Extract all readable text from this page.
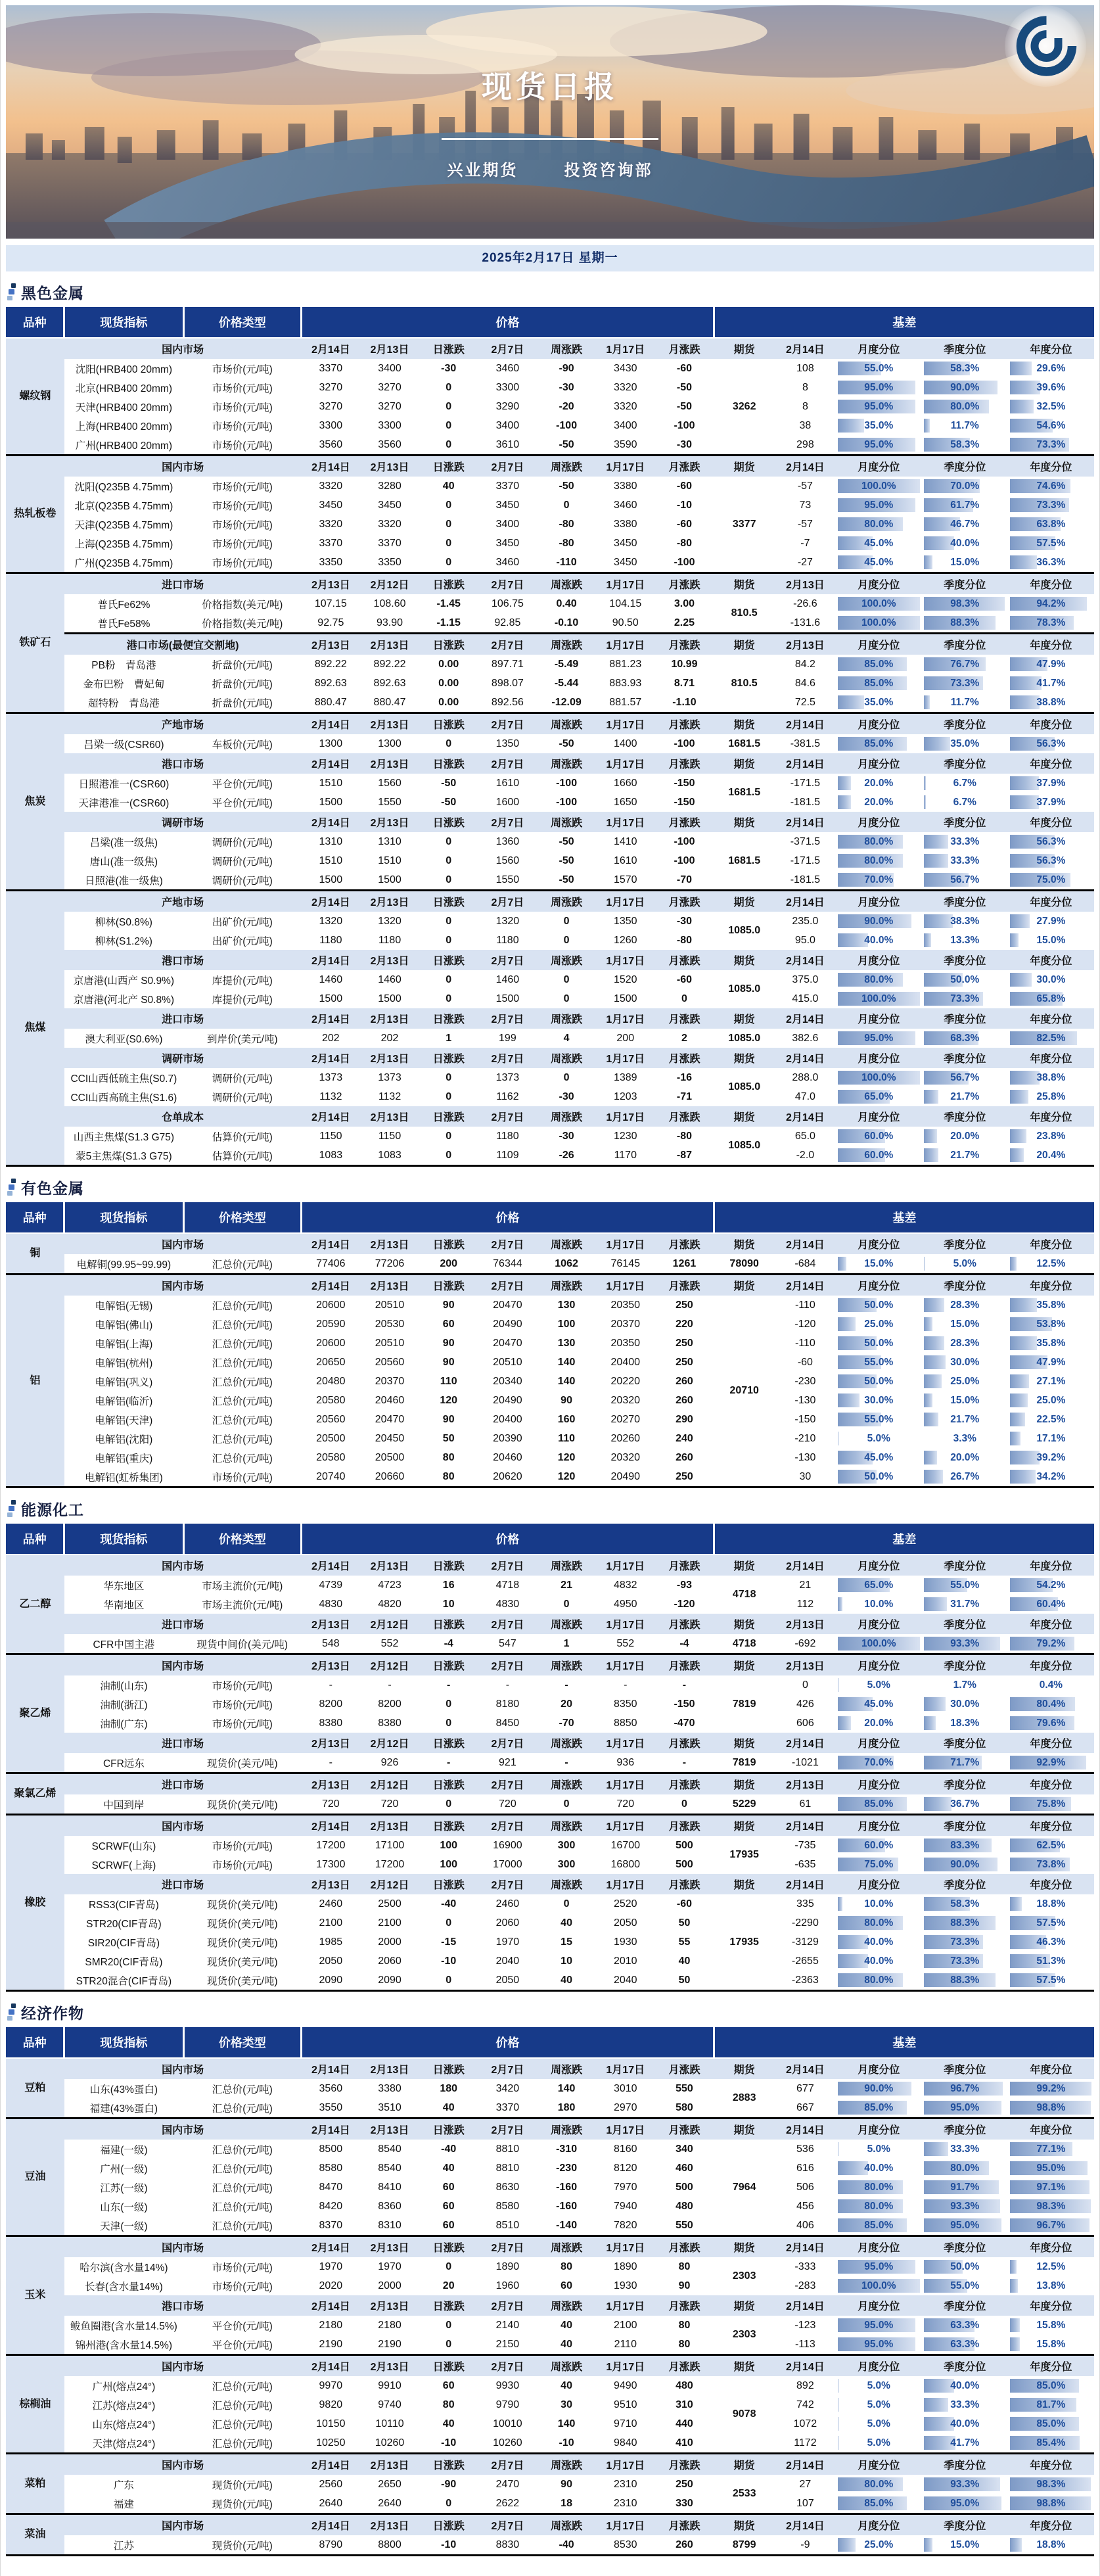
现货日报
兴业期货	投资咨询部
2025年2月17日 星期一
黑色金属
品种	现货指标	价格类型	价格							基差				
螺纹钢	国内市场		2月14日	2月13日	日涨跌	2月7日	周涨跌	1月17日	月涨跌	期货	2月14日	月度分位	季度分位	年度分位
	沈阳(HRB400 20mm)	市场价(元/吨)	3370	3400	-30	3460	-90	3430	-60	3262	108	55.0%	58.3%	29.6%
	北京(HRB400 20mm)	市场价(元/吨)	3270	3270	0	3300	-30	3320	-50		8	95.0%	90.0%	39.6%
	天津(HRB400 20mm)	市场价(元/吨)	3270	3270	0	3290	-20	3320	-50		8	95.0%	80.0%	32.5%
	上海(HRB400 20mm)	市场价(元/吨)	3300	3300	0	3400	-100	3400	-100		38	35.0%	11.7%	54.6%
	广州(HRB400 20mm)	市场价(元/吨)	3560	3560	0	3610	-50	3590	-30		298	95.0%	58.3%	73.3%
热轧板卷	国内市场		2月14日	2月13日	日涨跌	2月7日	周涨跌	1月17日	月涨跌	期货	2月14日	月度分位	季度分位	年度分位
	沈阳(Q235B 4.75mm)	市场价(元/吨)	3320	3280	40	3370	-50	3380	-60	3377	-57	100.0%	70.0%	74.6%
	北京(Q235B 4.75mm)	市场价(元/吨)	3450	3450	0	3450	0	3460	-10		73	95.0%	61.7%	73.3%
	天津(Q235B 4.75mm)	市场价(元/吨)	3320	3320	0	3400	-80	3380	-60		-57	80.0%	46.7%	63.8%
	上海(Q235B 4.75mm)	市场价(元/吨)	3370	3370	0	3450	-80	3450	-80		-7	45.0%	40.0%	57.5%
	广州(Q235B 4.75mm)	市场价(元/吨)	3350	3350	0	3460	-110	3450	-100		-27	45.0%	15.0%	36.3%
铁矿石	进口市场		2月13日	2月12日	日涨跌	2月7日	周涨跌	1月17日	月涨跌	期货	2月13日	月度分位	季度分位	年度分位
	普氏Fe62%	价格指数(美元/吨)	107.15	108.60	-1.45	106.75	0.40	104.15	3.00	810.5	-26.6	100.0%	98.3%	94.2%
	普氏Fe58%	价格指数(美元/吨)	92.75	93.90	-1.15	92.85	-0.10	90.50	2.25		-131.6	100.0%	88.3%	78.3%
	港口市场(最便宜交割地)		2月13日	2月13日	日涨跌	2月7日	周涨跌	1月17日	月涨跌	期货	2月13日	月度分位	季度分位	年度分位
	PB粉　青岛港	折盘价(元/吨)	892.22	892.22	0.00	897.71	-5.49	881.23	10.99	810.5	84.2	85.0%	76.7%	47.9%
	金布巴粉　曹妃甸	折盘价(元/吨)	892.63	892.63	0.00	898.07	-5.44	883.93	8.71		84.6	85.0%	73.3%	41.7%
	超特粉　青岛港	折盘价(元/吨)	880.47	880.47	0.00	892.56	-12.09	881.57	-1.10		72.5	35.0%	11.7%	38.8%
焦炭	产地市场		2月14日	2月13日	日涨跌	2月7日	周涨跌	1月17日	月涨跌	期货	2月14日	月度分位	季度分位	年度分位
	吕梁一级(CSR60)	车板价(元/吨)	1300	1300	0	1350	-50	1400	-100	1681.5	-381.5	85.0%	35.0%	56.3%
	港口市场		2月14日	2月13日	日涨跌	2月7日	周涨跌	1月17日	月涨跌	期货	2月14日	月度分位	季度分位	年度分位
	日照港准一(CSR60)	平仓价(元/吨)	1510	1560	-50	1610	-100	1660	-150	1681.5	-171.5	20.0%	6.7%	37.9%
	天津港准一(CSR60)	平仓价(元/吨)	1500	1550	-50	1600	-100	1650	-150		-181.5	20.0%	6.7%	37.9%
	调研市场		2月14日	2月13日	日涨跌	2月7日	周涨跌	1月17日	月涨跌	期货	2月14日	月度分位	季度分位	年度分位
	吕梁(准一级焦)	调研价(元/吨)	1310	1310	0	1360	-50	1410	-100	1681.5	-371.5	80.0%	33.3%	56.3%
	唐山(准一级焦)	调研价(元/吨)	1510	1510	0	1560	-50	1610	-100		-171.5	80.0%	33.3%	56.3%
	日照港(准一级焦)	调研价(元/吨)	1500	1500	0	1550	-50	1570	-70		-181.5	70.0%	56.7%	75.0%
焦煤	产地市场		2月14日	2月13日	日涨跌	2月7日	周涨跌	1月17日	月涨跌	期货	2月14日	月度分位	季度分位	年度分位
	柳林(S0.8%)	出矿价(元/吨)	1320	1320	0	1320	0	1350	-30	1085.0	235.0	90.0%	38.3%	27.9%
	柳林(S1.2%)	出矿价(元/吨)	1180	1180	0	1180	0	1260	-80		95.0	40.0%	13.3%	15.0%
	港口市场		2月14日	2月13日	日涨跌	2月7日	周涨跌	1月17日	月涨跌	期货	2月14日	月度分位	季度分位	年度分位
	京唐港(山西产 S0.9%)	库提价(元/吨)	1460	1460	0	1460	0	1520	-60	1085.0	375.0	80.0%	50.0%	30.0%
	京唐港(河北产 S0.8%)	库提价(元/吨)	1500	1500	0	1500	0	1500	0		415.0	100.0%	73.3%	65.8%
	进口市场		2月14日	2月13日	日涨跌	2月7日	周涨跌	1月17日	月涨跌	期货	2月14日	月度分位	季度分位	年度分位
	澳大利亚(S0.6%)	到岸价(美元/吨)	202	202	1	199	4	200	2	1085.0	382.6	95.0%	68.3%	82.5%
	调研市场		2月14日	2月13日	日涨跌	2月7日	周涨跌	1月17日	月涨跌	期货	2月14日	月度分位	季度分位	年度分位
	CCI山西低硫主焦(S0.7)	调研价(元/吨)	1373	1373	0	1373	0	1389	-16	1085.0	288.0	100.0%	56.7%	38.8%
	CCI山西高硫主焦(S1.6)	调研价(元/吨)	1132	1132	0	1162	-30	1203	-71		47.0	65.0%	21.7%	25.8%
	仓单成本		2月14日	2月13日	日涨跌	2月7日	周涨跌	1月17日	月涨跌	期货	2月14日	月度分位	季度分位	年度分位
	山西主焦煤(S1.3 G75)	估算价(元/吨)	1150	1150	0	1180	-30	1230	-80	1085.0	65.0	60.0%	20.0%	23.8%
	蒙5主焦煤(S1.3 G75)	估算价(元/吨)	1083	1083	0	1109	-26	1170	-87		-2.0	60.0%	21.7%	20.4%
有色金属
品种	现货指标	价格类型	价格							基差				
铜	国内市场		2月14日	2月13日	日涨跌	2月7日	周涨跌	1月17日	月涨跌	期货	2月14日	月度分位	季度分位	年度分位
	电解铜(99.95~99.99)	汇总价(元/吨)	77406	77206	200	76344	1062	76145	1261	78090	-684	15.0%	5.0%	12.5%
铝	国内市场		2月14日	2月13日	日涨跌	2月7日	周涨跌	1月17日	月涨跌	期货	2月14日	月度分位	季度分位	年度分位
	电解铝(无锡)	汇总价(元/吨)	20600	20510	90	20470	130	20350	250	20710	-110	50.0%	28.3%	35.8%
	电解铝(佛山)	汇总价(元/吨)	20590	20530	60	20490	100	20370	220		-120	25.0%	15.0%	53.8%
	电解铝(上海)	汇总价(元/吨)	20600	20510	90	20470	130	20350	250		-110	50.0%	28.3%	35.8%
	电解铝(杭州)	汇总价(元/吨)	20650	20560	90	20510	140	20400	250		-60	55.0%	30.0%	47.9%
	电解铝(巩义)	汇总价(元/吨)	20480	20370	110	20340	140	20220	260		-230	50.0%	25.0%	27.1%
	电解铝(临沂)	汇总价(元/吨)	20580	20460	120	20490	90	20320	260		-130	30.0%	15.0%	25.0%
	电解铝(天津)	汇总价(元/吨)	20560	20470	90	20400	160	20270	290		-150	55.0%	21.7%	22.5%
	电解铝(沈阳)	汇总价(元/吨)	20500	20450	50	20390	110	20260	240		-210	5.0%	3.3%	17.1%
	电解铝(重庆)	汇总价(元/吨)	20580	20500	80	20460	120	20320	260		-130	45.0%	20.0%	39.2%
	电解铝(虹桥集团)	市场价(元/吨)	20740	20660	80	20620	120	20490	250		30	50.0%	26.7%	34.2%
能源化工
品种	现货指标	价格类型	价格							基差				
乙二醇	国内市场		2月14日	2月13日	日涨跌	2月7日	周涨跌	1月17日	月涨跌	期货	2月14日	月度分位	季度分位	年度分位
	华东地区	市场主流价(元/吨)	4739	4723	16	4718	21	4832	-93	4718	21	65.0%	55.0%	54.2%
	华南地区	市场主流价(元/吨)	4830	4820	10	4830	0	4950	-120		112	10.0%	31.7%	60.4%
	进口市场		2月13日	2月12日	日涨跌	2月7日	周涨跌	1月17日	月涨跌	期货	2月13日	月度分位	季度分位	年度分位
	CFR中国主港	现货中间价(美元/吨)	548	552	-4	547	1	552	-4	4718	-692	100.0%	93.3%	79.2%
聚乙烯	国内市场		2月13日	2月12日	日涨跌	2月7日	周涨跌	1月17日	月涨跌	期货	2月13日	月度分位	季度分位	年度分位
	油制(山东)	市场价(元/吨)	-	-	-	-	-	-	-	7819	0	5.0%	1.7%	0.4%
	油制(浙江)	市场价(元/吨)	8200	8200	0	8180	20	8350	-150		426	45.0%	30.0%	80.4%
	油制(广东)	市场价(元/吨)	8380	8380	0	8450	-70	8850	-470		606	20.0%	18.3%	79.6%
	进口市场		2月13日	2月12日	日涨跌	2月7日	周涨跌	1月17日	月涨跌	期货	2月14日	月度分位	季度分位	年度分位
	CFR远东	现货价(美元/吨)	-	926	-	921	-	936	-	7819	-1021	70.0%	71.7%	92.9%
聚氯乙烯	进口市场		2月13日	2月12日	日涨跌	2月7日	周涨跌	1月17日	月涨跌	期货	2月13日	月度分位	季度分位	年度分位
	中国到岸	现货价(美元/吨)	720	720	0	720	0	720	0	5229	61	85.0%	36.7%	75.8%
橡胶	国内市场		2月14日	2月13日	日涨跌	2月7日	周涨跌	1月17日	月涨跌	期货	2月14日	月度分位	季度分位	年度分位
	SCRWF(山东)	市场价(元/吨)	17200	17100	100	16900	300	16700	500	17935	-735	60.0%	83.3%	62.5%
	SCRWF(上海)	市场价(元/吨)	17300	17200	100	17000	300	16800	500		-635	75.0%	90.0%	73.8%
	进口市场		2月13日	2月12日	日涨跌	2月7日	周涨跌	1月17日	月涨跌	期货	2月14日	月度分位	季度分位	年度分位
	RSS3(CIF青岛)	现货价(美元/吨)	2460	2500	-40	2460	0	2520	-60	17935	335	10.0%	58.3%	18.8%
	STR20(CIF青岛)	现货价(美元/吨)	2100	2100	0	2060	40	2050	50		-2290	80.0%	88.3%	57.5%
	SIR20(CIF青岛)	现货价(美元/吨)	1985	2000	-15	1970	15	1930	55		-3129	40.0%	73.3%	46.3%
	SMR20(CIF青岛)	现货价(美元/吨)	2050	2060	-10	2040	10	2010	40		-2655	40.0%	73.3%	51.3%
	STR20混合(CIF青岛)	现货价(美元/吨)	2090	2090	0	2050	40	2040	50		-2363	80.0%	88.3%	57.5%
经济作物
品种	现货指标	价格类型	价格							基差				
豆粕	国内市场		2月14日	2月13日	日涨跌	2月7日	周涨跌	1月17日	月涨跌	期货	2月14日	月度分位	季度分位	年度分位
	山东(43%蛋白)	汇总价(元/吨)	3560	3380	180	3420	140	3010	550	2883	677	90.0%	96.7%	99.2%
	福建(43%蛋白)	汇总价(元/吨)	3550	3510	40	3370	180	2970	580		667	85.0%	95.0%	98.8%
豆油	国内市场		2月14日	2月13日	日涨跌	2月7日	周涨跌	1月17日	月涨跌	期货	2月14日	月度分位	季度分位	年度分位
	福建(一级)	汇总价(元/吨)	8500	8540	-40	8810	-310	8160	340	7964	536	5.0%	33.3%	77.1%
	广州(一级)	汇总价(元/吨)	8580	8540	40	8810	-230	8120	460		616	40.0%	80.0%	95.0%
	江苏(一级)	汇总价(元/吨)	8470	8410	60	8630	-160	7970	500		506	80.0%	91.7%	97.1%
	山东(一级)	汇总价(元/吨)	8420	8360	60	8580	-160	7940	480		456	80.0%	93.3%	98.3%
	天津(一级)	汇总价(元/吨)	8370	8310	60	8510	-140	7820	550		406	85.0%	95.0%	96.7%
玉米	国内市场		2月14日	2月13日	日涨跌	2月7日	周涨跌	1月17日	月涨跌	期货	2月14日	月度分位	季度分位	年度分位
	哈尔滨(含水量14%)	市场价(元/吨)	1970	1970	0	1890	80	1890	80	2303	-333	95.0%	50.0%	12.5%
	长春(含水量14%)	市场价(元/吨)	2020	2000	20	1960	60	1930	90		-283	100.0%	55.0%	13.8%
	港口市场		2月14日	2月13日	日涨跌	2月7日	周涨跌	1月17日	月涨跌	期货	2月14日	月度分位	季度分位	年度分位
	鲅鱼圈港(含水量14.5%)	平仓价(元/吨)	2180	2180	0	2140	40	2100	80	2303	-123	95.0%	63.3%	15.8%
	锦州港(含水量14.5%)	平仓价(元/吨)	2190	2190	0	2150	40	2110	80		-113	95.0%	63.3%	15.8%
棕榈油	国内市场		2月14日	2月13日	日涨跌	2月7日	周涨跌	1月17日	月涨跌	期货	2月14日	月度分位	季度分位	年度分位
	广州(熔点24°)	汇总价(元/吨)	9970	9910	60	9930	40	9490	480	9078	892	5.0%	40.0%	85.0%
	江苏(熔点24°)	汇总价(元/吨)	9820	9740	80	9790	30	9510	310		742	5.0%	33.3%	81.7%
	山东(熔点24°)	汇总价(元/吨)	10150	10110	40	10010	140	9710	440		1072	5.0%	40.0%	85.0%
	天津(熔点24°)	汇总价(元/吨)	10250	10260	-10	10260	-10	9840	410		1172	5.0%	41.7%	85.4%
菜粕	国内市场		2月14日	2月13日	日涨跌	2月7日	周涨跌	1月17日	月涨跌	期货	2月14日	月度分位	季度分位	年度分位
	广东	现货价(元/吨)	2560	2650	-90	2470	90	2310	250	2533	27	80.0%	93.3%	98.3%
	福建	现货价(元/吨)	2640	2640	0	2622	18	2310	330		107	85.0%	95.0%	98.8%
菜油	国内市场		2月14日	2月13日	日涨跌	2月7日	周涨跌	1月17日	月涨跌	期货	2月14日	月度分位	季度分位	年度分位
	江苏	现货价(元/吨)	8790	8800	-10	8830	-40	8530	260	8799	-9	25.0%	15.0%	18.8%
